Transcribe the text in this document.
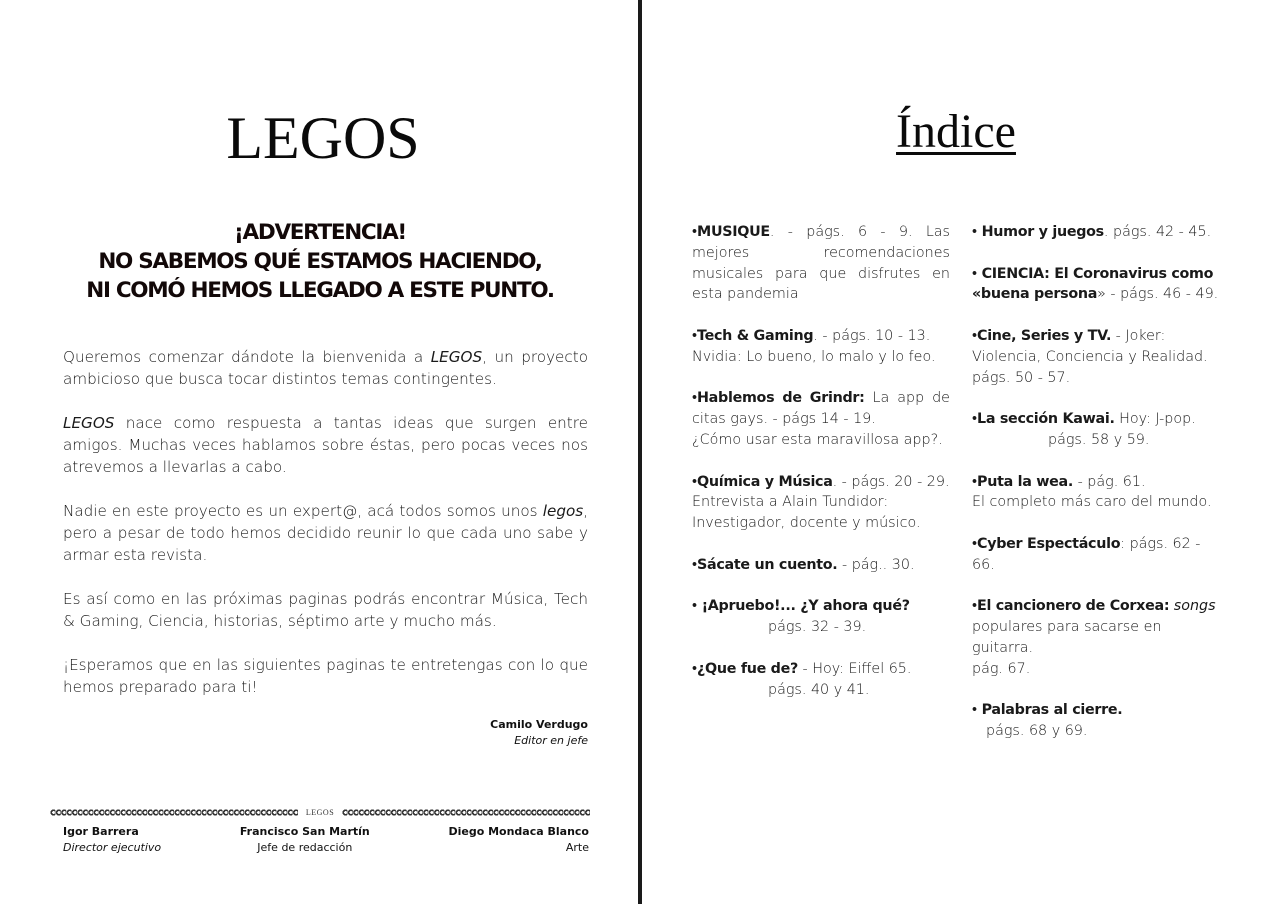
LEGOS
¡ADVERTENCIA!
NO SABEMOS QUÉ ESTAMOS HACIENDO,
NI COMÓ HEMOS LLEGADO A ESTE PUNTO.

Queremos comenzar dándote la bienvenida a LEGOS, un proyecto ambicioso que busca tocar distintos temas contingentes.

LEGOS nace como respuesta a tantas ideas que surgen entre amigos. Muchas veces hablamos sobre éstas, pero pocas veces nos atrevemos a llevarlas a cabo.

Nadie en este proyecto es un expert@, acá todos somos unos legos, pero a pesar de todo hemos decidido reunir lo que cada uno sabe y armar esta revista.

Es así como en las próximas paginas podrás encontrar Música, Tech & Gaming, Ciencia, historias, séptimo arte y mucho más.

¡Esperamos que en las siguientes paginas te entretengas con lo que hemos preparado para ti!

Camilo Verdugo
Editor en jefe
LEGOS
Igor Barrera
Director ejecutivo
Francisco San Martín
Jefe de redacción
Diego Mondaca Blanco
Arte
Índice
•MUSIQUE. - págs. 6 - 9. Las mejores recomendaciones musicales para que disfrutes en esta pandemia
•Tech & Gaming. - págs. 10 - 13.
Nvidia: Lo bueno, lo malo y lo feo.
•Hablemos de Grindr: La app de citas gays. - págs 14 - 19.
¿Cómo usar esta maravillosa app?.
•Química y Música. - págs. 20 - 29.
Entrevista a Alain Tundidor:
Investigador, docente y músico.
•Sácate un cuento. - pág.. 30.
• ¡Apruebo!... ¿Y ahora qué?
págs. 32 - 39.
•¿Que fue de? - Hoy: Eiffel 65.
págs. 40 y 41.
• Humor y juegos. págs. 42 - 45.
• CIENCIA: El Coronavirus como «buena persona» - págs. 46 - 49.
•Cine, Series y TV. - Joker:
Violencia, Conciencia y Realidad.
págs. 50 - 57.
•La sección Kawai. Hoy: J-pop.
págs. 58 y 59.
•Puta la wea. - pág. 61.
El completo más caro del mundo.
•Cyber Espectáculo: págs. 62 - 66.
•El cancionero de Corxea: songs
populares para sacarse en guitarra.
pág. 67.
• Palabras al cierre.
págs. 68 y 69.
